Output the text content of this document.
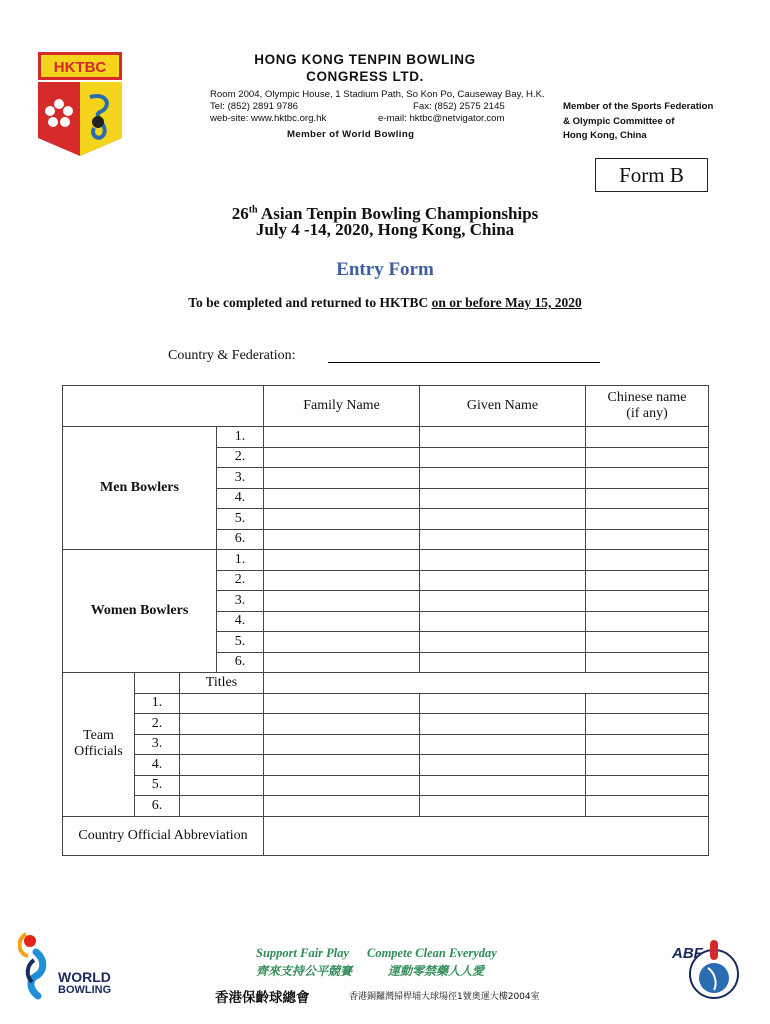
HKTBC	HONG KONG TENPIN BOWLING
CONGRESS LTD.
Room 2004, Olympic House, 1 Stadium Path, So Kon Po, Causeway Bay, H.K.
Tel: (852) 2891 9786	Fax: (852) 2575 2145
web-site: www.hktbc.org.hk	e-mail: hktbc@netvigator.com
Member of World Bowling
Member of the Sports Federation
& Olympic Committee of
Hong Kong, China
Form B
26th Asian Tenpin Bowling Championships
July 4 -14, 2020, Hong Kong, China
Entry Form
To be completed and returned to HKTBC on or before May 15, 2020
Country & Federation:
				Family Name	Given Name	Chinese name
(if any)

Men Bowlers			1.			
			2.			
			3.			
			4.			
			5.			
			6.			
Women Bowlers			1.			
			2.			
			3.			
			4.			
			5.			
			6.			

Team
Officials		Titles				
	1.					
	2.					
	3.					
	4.					
	5.					
	6.					
Country Official Abbreviation						
WORLD
BOWLING
Support Fair Play Compete Clean Everyday
齊來支持公平競賽	運動零禁藥人人愛
香港保齡球總會	香港銅鑼灣掃桿埔大球場徑1號奧運大樓2004室
ABF
